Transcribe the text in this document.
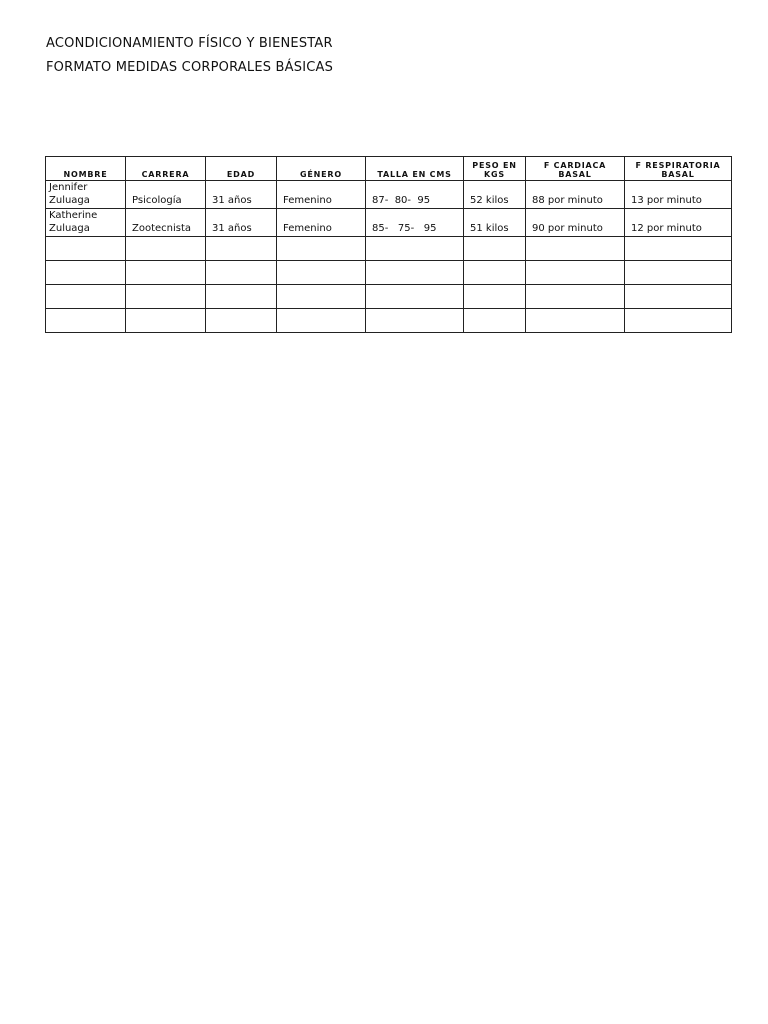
ACONDICIONAMIENTO FÍSICO Y BIENESTAR
FORMATO MEDIDAS CORPORALES BÁSICAS
NOMBRE	CARRERA	EDAD	GÉNERO	TALLA EN CMS	PESO EN KGS	F CARDIACA BASAL	F RESPIRATORIA BASAL
Jennifer Zuluaga	Psicología	31 años	Femenino	87-  80-  95	52 kilos	88 por minuto	13 por minuto
Katherine Zuluaga	Zootecnista	31 años	Femenino	85-   75-   95	51 kilos	90 por minuto	12 por minuto
